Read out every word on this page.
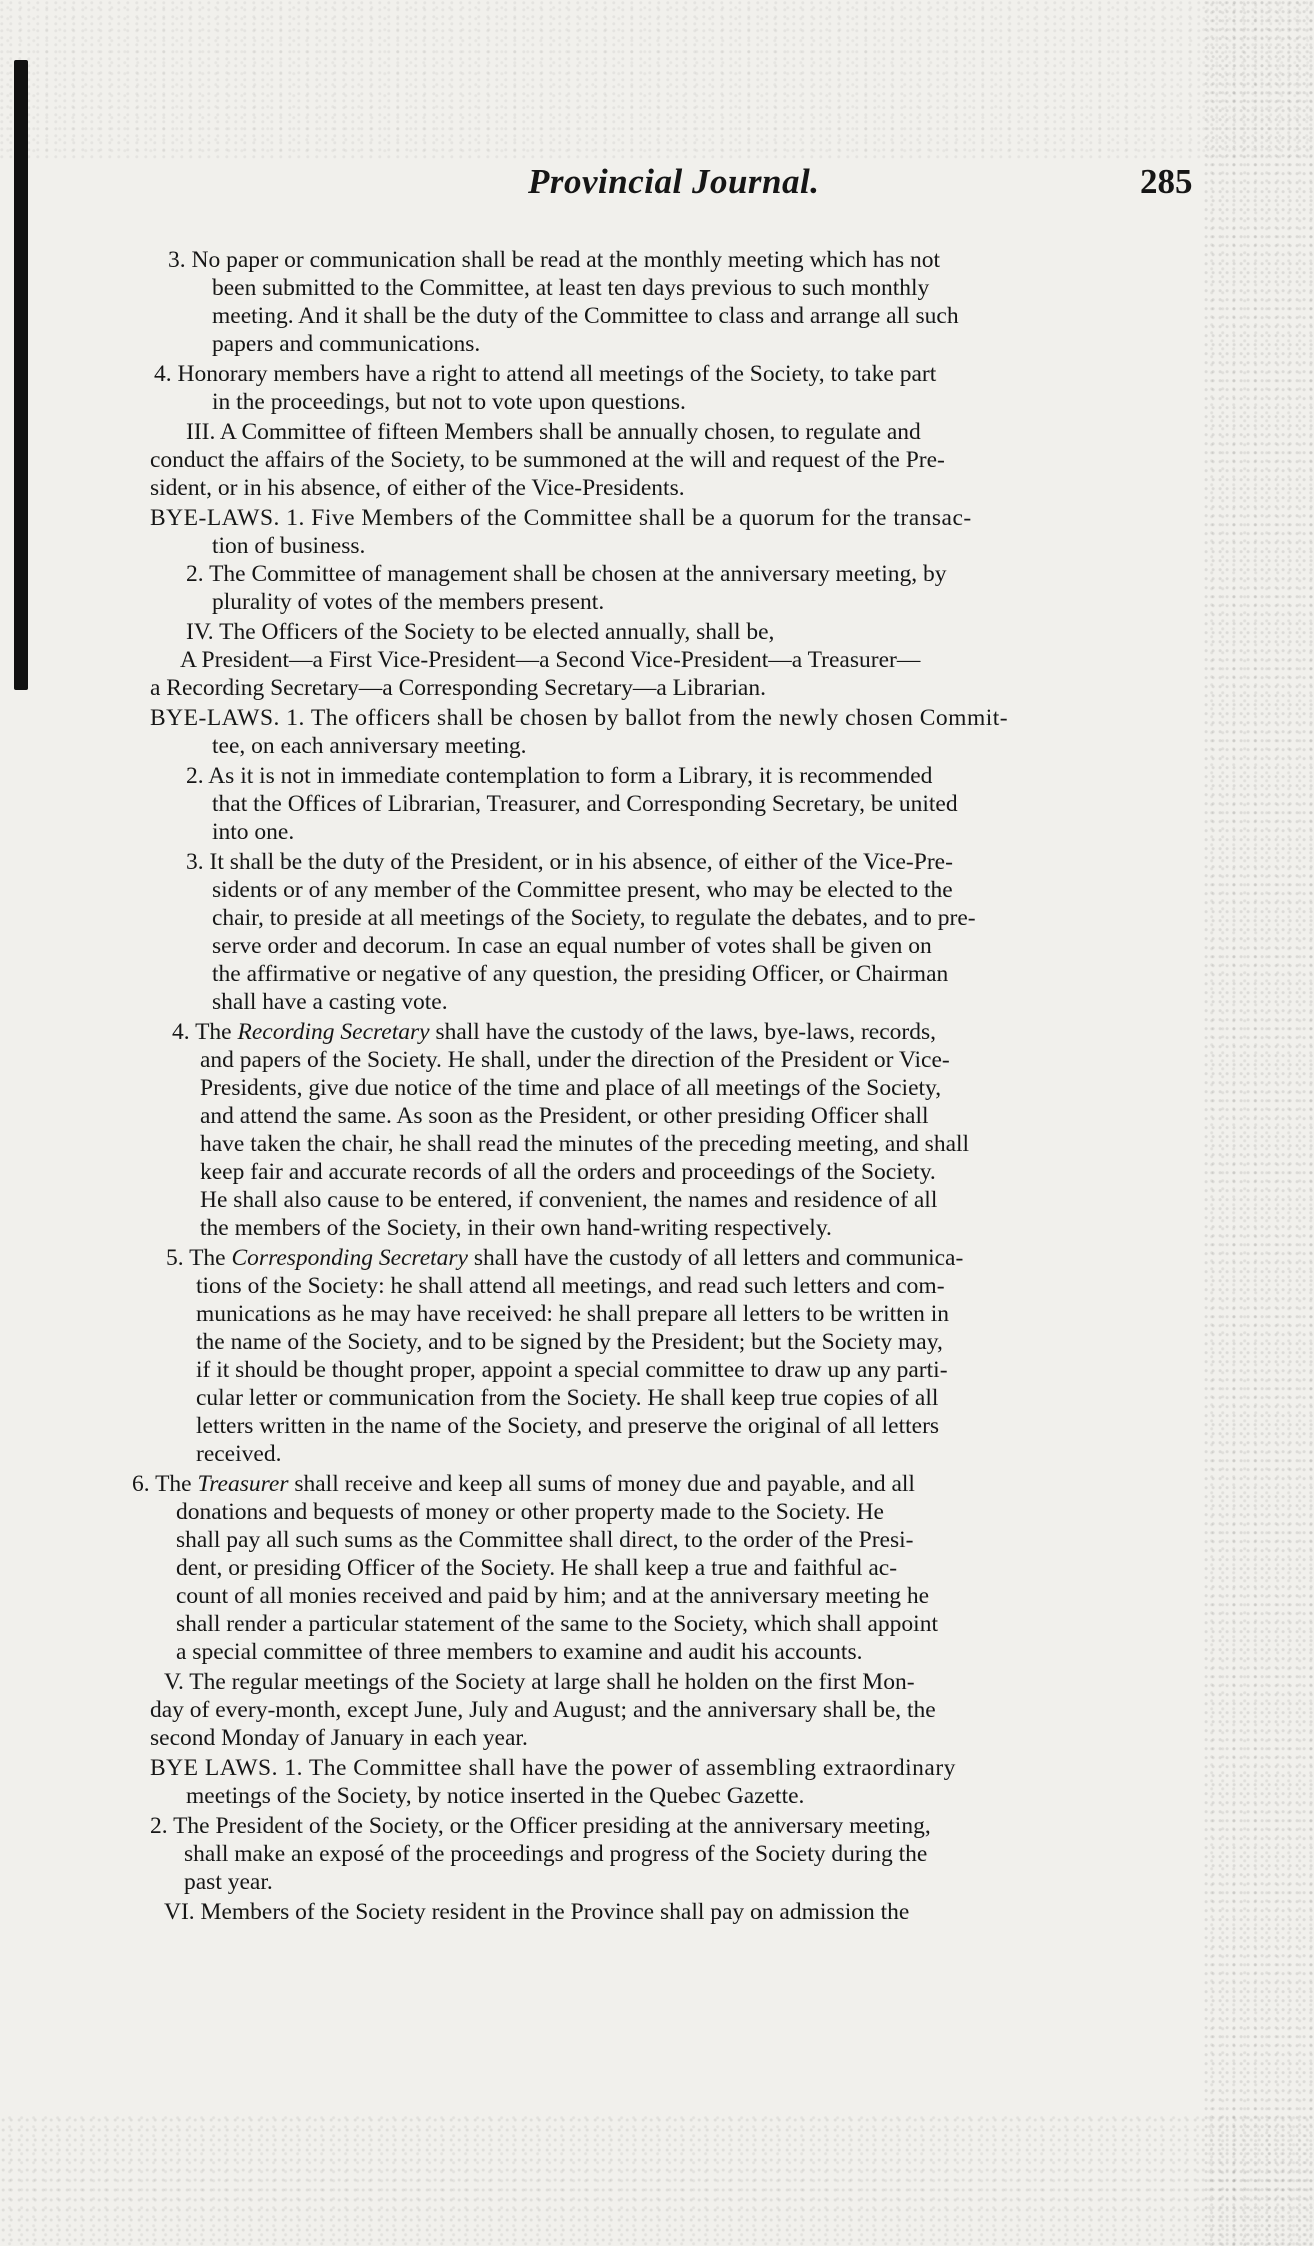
Provincial Journal.	285
3. No paper or communication shall be read at the monthly meeting which has not
been submitted to the Committee, at least ten days previous to such monthly
meeting. And it shall be the duty of the Committee to class and arrange all such
papers and communications.
4. Honorary members have a right to attend all meetings of the Society, to take part
in the proceedings, but not to vote upon questions.
III. A Committee of fifteen Members shall be annually chosen, to regulate and
conduct the affairs of the Society, to be summoned at the will and request of the Pre-
sident, or in his absence, of either of the Vice-Presidents.
BYE-LAWS. 1. Five Members of the Committee shall be a quorum for the transac-
tion of business.
2. The Committee of management shall be chosen at the anniversary meeting, by
plurality of votes of the members present.
IV. The Officers of the Society to be elected annually, shall be,
A President—a First Vice-President—a Second Vice-President—a Treasurer—
a Recording Secretary—a Corresponding Secretary—a Librarian.
BYE-LAWS. 1. The officers shall be chosen by ballot from the newly chosen Commit-
tee, on each anniversary meeting.
2. As it is not in immediate contemplation to form a Library, it is recommended
that the Offices of Librarian, Treasurer, and Corresponding Secretary, be united
into one.
3. It shall be the duty of the President, or in his absence, of either of the Vice-Pre-
sidents or of any member of the Committee present, who may be elected to the
chair, to preside at all meetings of the Society, to regulate the debates, and to pre-
serve order and decorum. In case an equal number of votes shall be given on
the affirmative or negative of any question, the presiding Officer, or Chairman
shall have a casting vote.
4. The Recording Secretary shall have the custody of the laws, bye-laws, records,
and papers of the Society. He shall, under the direction of the President or Vice-
Presidents, give due notice of the time and place of all meetings of the Society,
and attend the same. As soon as the President, or other presiding Officer shall
have taken the chair, he shall read the minutes of the preceding meeting, and shall
keep fair and accurate records of all the orders and proceedings of the Society.
He shall also cause to be entered, if convenient, the names and residence of all
the members of the Society, in their own hand-writing respectively.
5. The Corresponding Secretary shall have the custody of all letters and communica-
tions of the Society: he shall attend all meetings, and read such letters and com-
munications as he may have received: he shall prepare all letters to be written in
the name of the Society, and to be signed by the President; but the Society may,
if it should be thought proper, appoint a special committee to draw up any parti-
cular letter or communication from the Society. He shall keep true copies of all
letters written in the name of the Society, and preserve the original of all letters
received.
6. The Treasurer shall receive and keep all sums of money due and payable, and all
donations and bequests of money or other property made to the Society. He
shall pay all such sums as the Committee shall direct, to the order of the Presi-
dent, or presiding Officer of the Society. He shall keep a true and faithful ac-
count of all monies received and paid by him; and at the anniversary meeting he
shall render a particular statement of the same to the Society, which shall appoint
a special committee of three members to examine and audit his accounts.
V. The regular meetings of the Society at large shall he holden on the first Mon-
day of every-month, except June, July and August; and the anniversary shall be, the
second Monday of January in each year.
BYE LAWS. 1. The Committee shall have the power of assembling extraordinary
meetings of the Society, by notice inserted in the Quebec Gazette.
2. The President of the Society, or the Officer presiding at the anniversary meeting,
shall make an exposé of the proceedings and progress of the Society during the
past year.
VI. Members of the Society resident in the Province shall pay on admission the
